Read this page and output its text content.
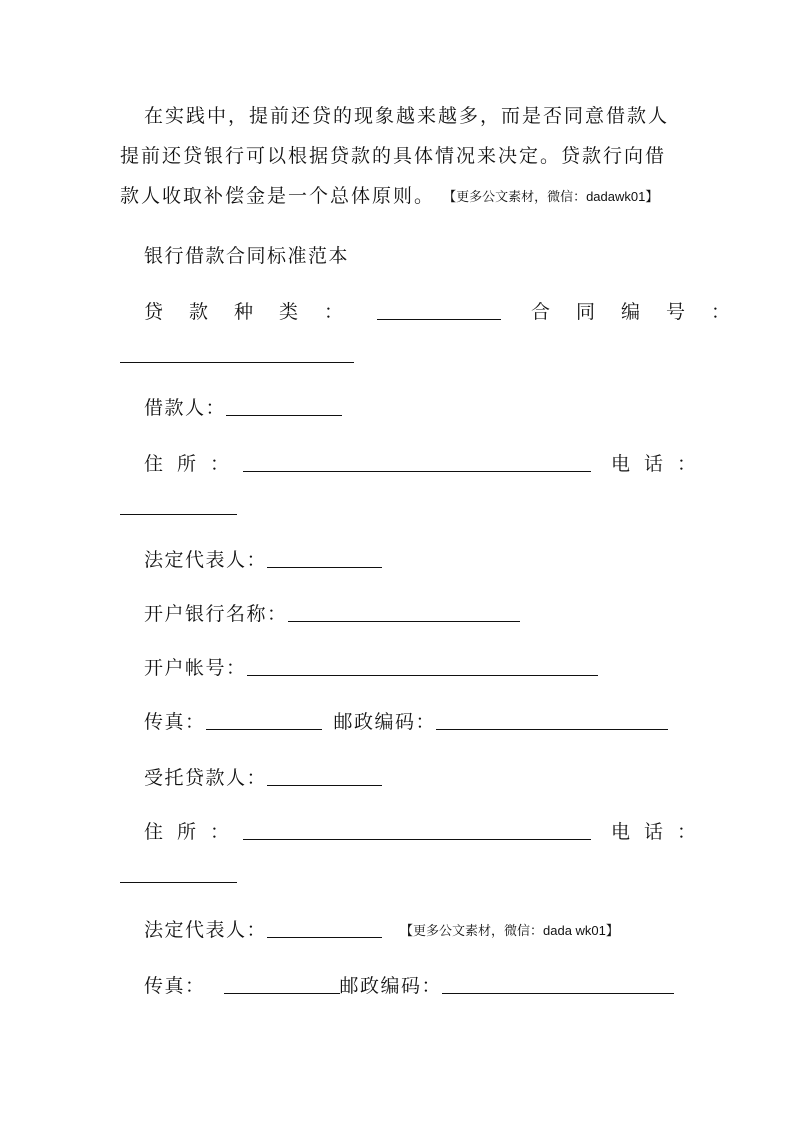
在实践中，提前还贷的现象越来越多，而是否同意借款人
提前还贷银行可以根据贷款的具体情况来决定。贷款行向借
款人收取补偿金是一个总体原则。 【更多公文素材，微信：dadawk01】
银行借款合同标准范本
贷款种类：	合同编号：
借款人：
住所：	电话：
法定代表人：
开户银行名称：
开户帐号：
传真：	邮政编码：
受托贷款人：
住所：	电话：
法定代表人：	【更多公文素材，微信：dada wk01】
传真：	邮政编码：
